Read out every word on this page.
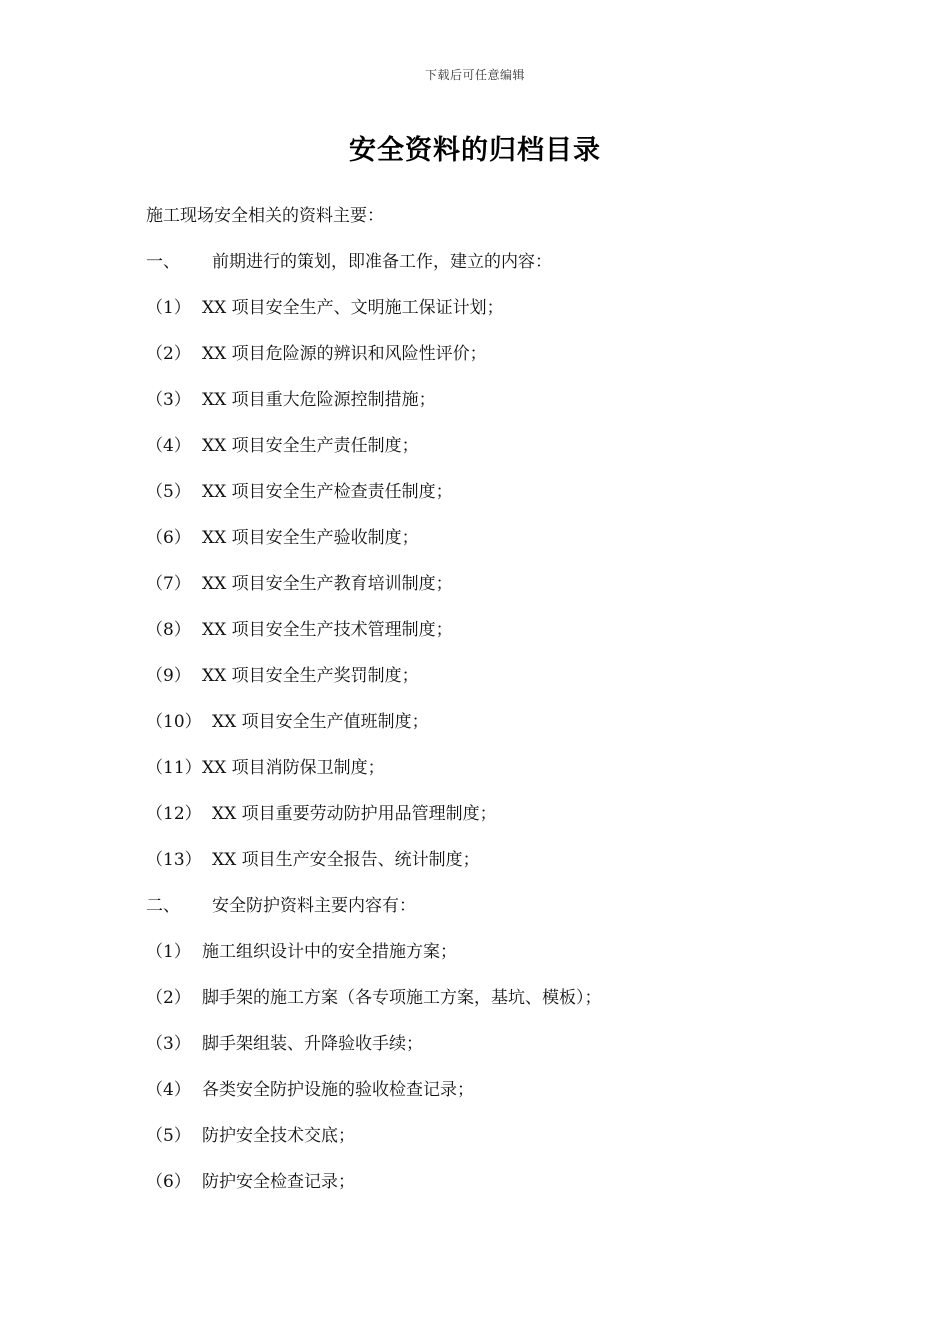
下载后可任意编辑
安全资料的归档目录
施工现场安全相关的资料主要：
一、 前期进行的策划，即准备工作，建立的内容：
（1） XX 项目安全生产、文明施工保证计划；
（2） XX 项目危险源的辨识和风险性评价；
（3） XX 项目重大危险源控制措施；
（4） XX 项目安全生产责任制度；
（5） XX 项目安全生产检查责任制度；
（6） XX 项目安全生产验收制度；
（7） XX 项目安全生产教育培训制度；
（8） XX 项目安全生产技术管理制度；
（9） XX 项目安全生产奖罚制度；
（10） XX 项目安全生产值班制度；
（11）XX 项目消防保卫制度；
（12） XX 项目重要劳动防护用品管理制度；
（13） XX 项目生产安全报告、统计制度；
二、 安全防护资料主要内容有：
（1） 施工组织设计中的安全措施方案；
（2） 脚手架的施工方案（各专项施工方案，基坑、模板）；
（3） 脚手架组装、升降验收手续；
（4） 各类安全防护设施的验收检查记录；
（5） 防护安全技术交底；
（6） 防护安全检查记录；
